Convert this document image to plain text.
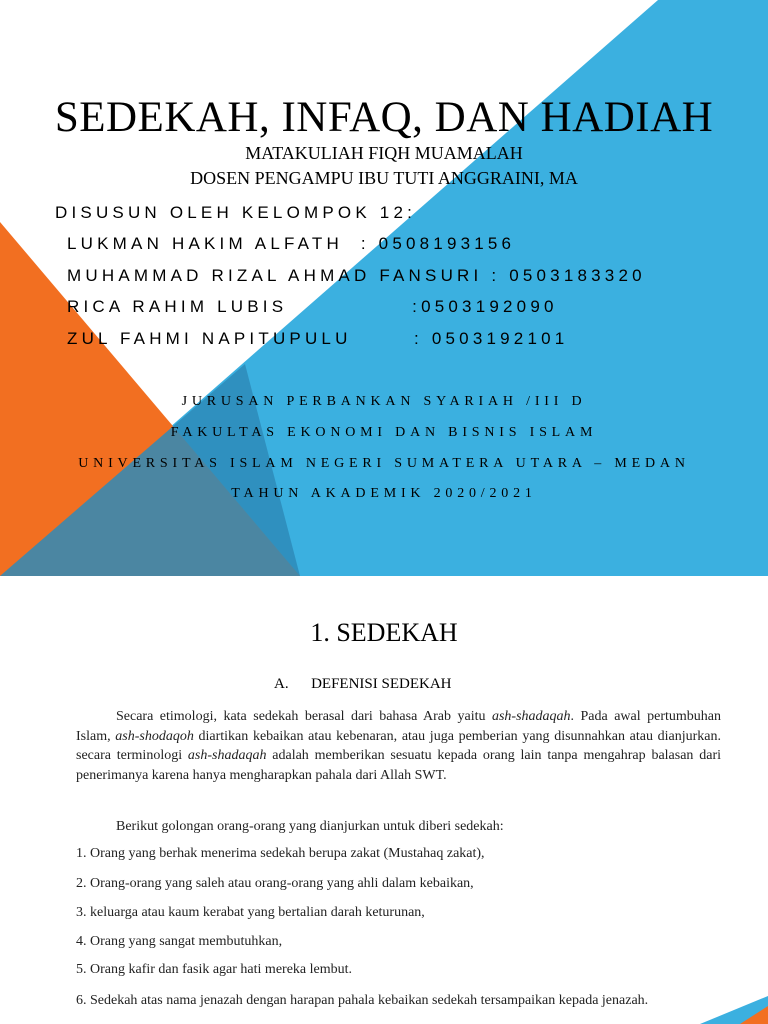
SEDEKAH, INFAQ, DAN HADIAH
MATAKULIAH FIQH MUAMALAH
DOSEN PENGAMPU IBU TUTI ANGGRAINI, MA
DISUSUN OLEH KELOMPOK 12:
LUKMAN HAKIM ALFATH  : 0508193156
MUHAMMAD RIZAL AHMAD FANSURI : 0503183320
RICA RAHIM LUBIS              :0503192090
ZUL FAHMI NAPITUPULU       : 0503192101
JURUSAN PERBANKAN SYARIAH /III D
FAKULTAS EKONOMI DAN BISNIS ISLAM
UNIVERSITAS ISLAM NEGERI SUMATERA UTARA – MEDAN
TAHUN AKADEMIK 2020/2021
1. SEDEKAH
A. DEFENISI SEDEKAH
Secara etimologi, kata sedekah berasal dari bahasa Arab yaitu ash-shadaqah. Pada awal pertumbuhan Islam, ash-shodaqoh diartikan kebaikan atau kebenaran, atau juga pemberian yang disunnahkan atau dianjurkan. secara terminologi ash-shadaqah adalah memberikan sesuatu kepada orang lain tanpa mengahrap balasan dari penerimanya karena hanya mengharapkan pahala dari Allah SWT.
Berikut golongan orang-orang yang dianjurkan untuk diberi sedekah:
1. Orang yang berhak menerima sedekah berupa zakat (Mustahaq zakat),
2. Orang-orang yang saleh atau orang-orang yang ahli dalam kebaikan,
3. keluarga atau kaum kerabat yang bertalian darah keturunan,
4. Orang yang sangat membutuhkan,
5. Orang kafir dan fasik agar hati mereka lembut.
6. Sedekah atas nama jenazah dengan harapan pahala kebaikan sedekah tersampaikan kepada jenazah.
